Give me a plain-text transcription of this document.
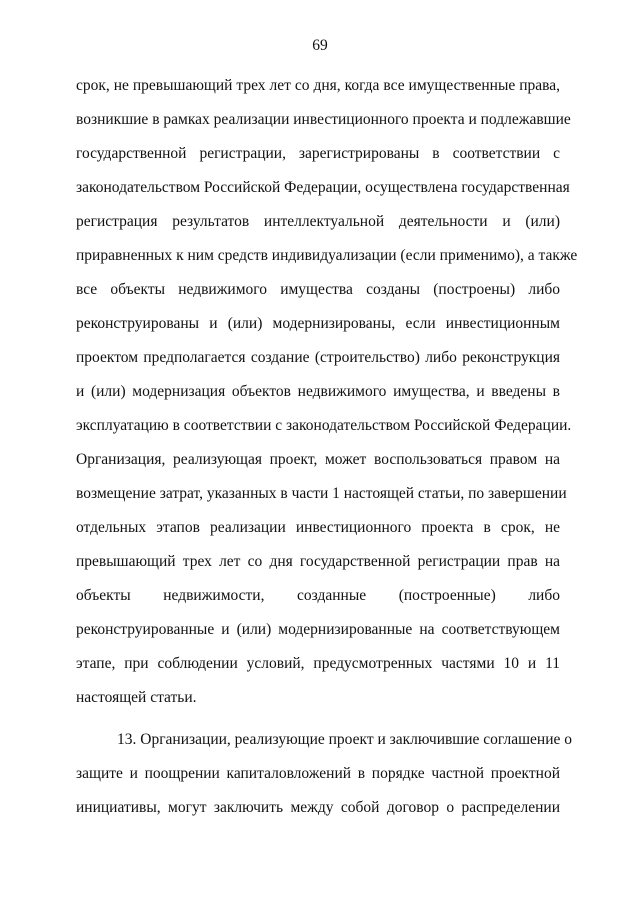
69
срок, не превышающий трех лет со дня, когда все имущественные права,
возникшие в рамках реализации инвестиционного проекта и подлежавшие
государственной регистрации, зарегистрированы в соответствии с
законодательством Российской Федерации, осуществлена государственная
регистрация результатов интеллектуальной деятельности и (или)
приравненных к ним средств индивидуализации (если применимо), а также
все объекты недвижимого имущества созданы (построены) либо
реконструированы и (или) модернизированы, если инвестиционным
проектом предполагается создание (строительство) либо реконструкция
и (или) модернизация объектов недвижимого имущества, и введены в
эксплуатацию в соответствии с законодательством Российской Федерации.
Организация, реализующая проект, может воспользоваться правом на
возмещение затрат, указанных в части 1 настоящей статьи, по завершении
отдельных этапов реализации инвестиционного проекта в срок, не
превышающий трех лет со дня государственной регистрации прав на
объекты недвижимости, созданные (построенные) либо
реконструированные и (или) модернизированные на соответствующем
этапе, при соблюдении условий, предусмотренных частями 10 и 11
настоящей статьи.
13. Организации, реализующие проект и заключившие соглашение о
защите и поощрении капиталовложений в порядке частной проектной
инициативы, могут заключить между собой договор о распределении
